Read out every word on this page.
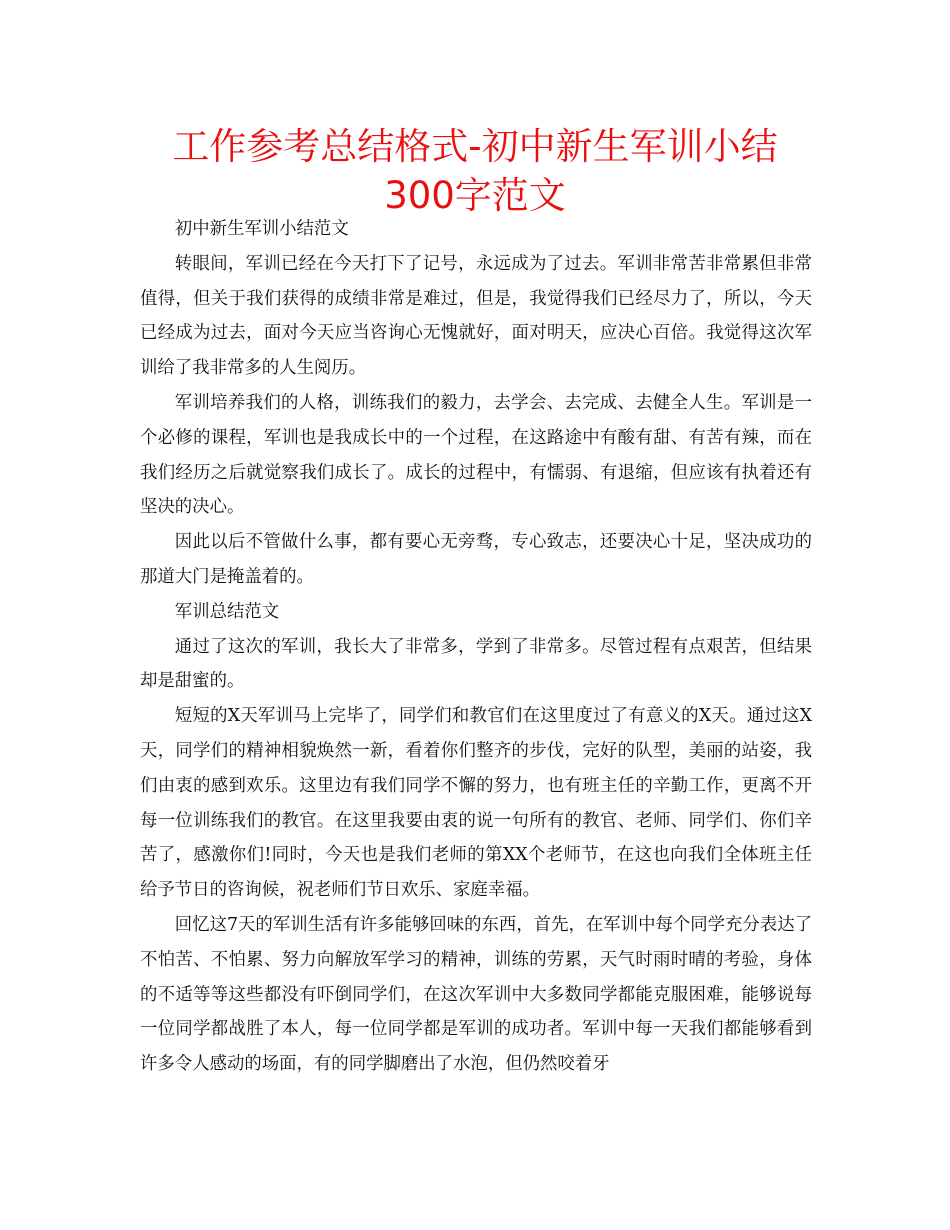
工作参考总结格式-初中新生军训小结300字范文

初中新生军训小结范文

转眼间，军训已经在今天打下了记号，永远成为了过去。军训非常苦非常累但非常值得，但关于我们获得的成绩非常是难过，但是，我觉得我们已经尽力了，所以，今天已经成为过去，面对今天应当咨询心无愧就好，面对明天，应决心百倍。我觉得这次军训给了我非常多的人生阅历。

军训培养我们的人格，训练我们的毅力，去学会、去完成、去健全人生。军训是一个必修的课程，军训也是我成长中的一个过程，在这路途中有酸有甜、有苦有辣，而在我们经历之后就觉察我们成长了。成长的过程中，有懦弱、有退缩，但应该有执着还有坚决的决心。

因此以后不管做什么事，都有要心无旁骛，专心致志，还要决心十足，坚决成功的那道大门是掩盖着的。

军训总结范文

通过了这次的军训，我长大了非常多，学到了非常多。尽管过程有点艰苦，但结果却是甜蜜的。

短短的X天军训马上完毕了，同学们和教官们在这里度过了有意义的X天。通过这X天，同学们的精神相貌焕然一新，看着你们整齐的步伐，完好的队型，美丽的站姿，我们由衷的感到欢乐。这里边有我们同学不懈的努力，也有班主任的辛勤工作，更离不开每一位训练我们的教官。在这里我要由衷的说一句所有的教官、老师、同学们、你们辛苦了，感激你们!同时，今天也是我们老师的第XX个老师节，在这也向我们全体班主任给予节日的咨询候，祝老师们节日欢乐、家庭幸福。

回忆这7天的军训生活有许多能够回味的东西，首先，在军训中每个同学充分表达了不怕苦、不怕累、努力向解放军学习的精神，训练的劳累，天气时雨时晴的考验，身体的不适等等这些都没有吓倒同学们，在这次军训中大多数同学都能克服困难，能够说每一位同学都战胜了本人，每一位同学都是军训的成功者。军训中每一天我们都能够看到许多令人感动的场面，有的同学脚磨出了水泡，但仍然咬着牙
